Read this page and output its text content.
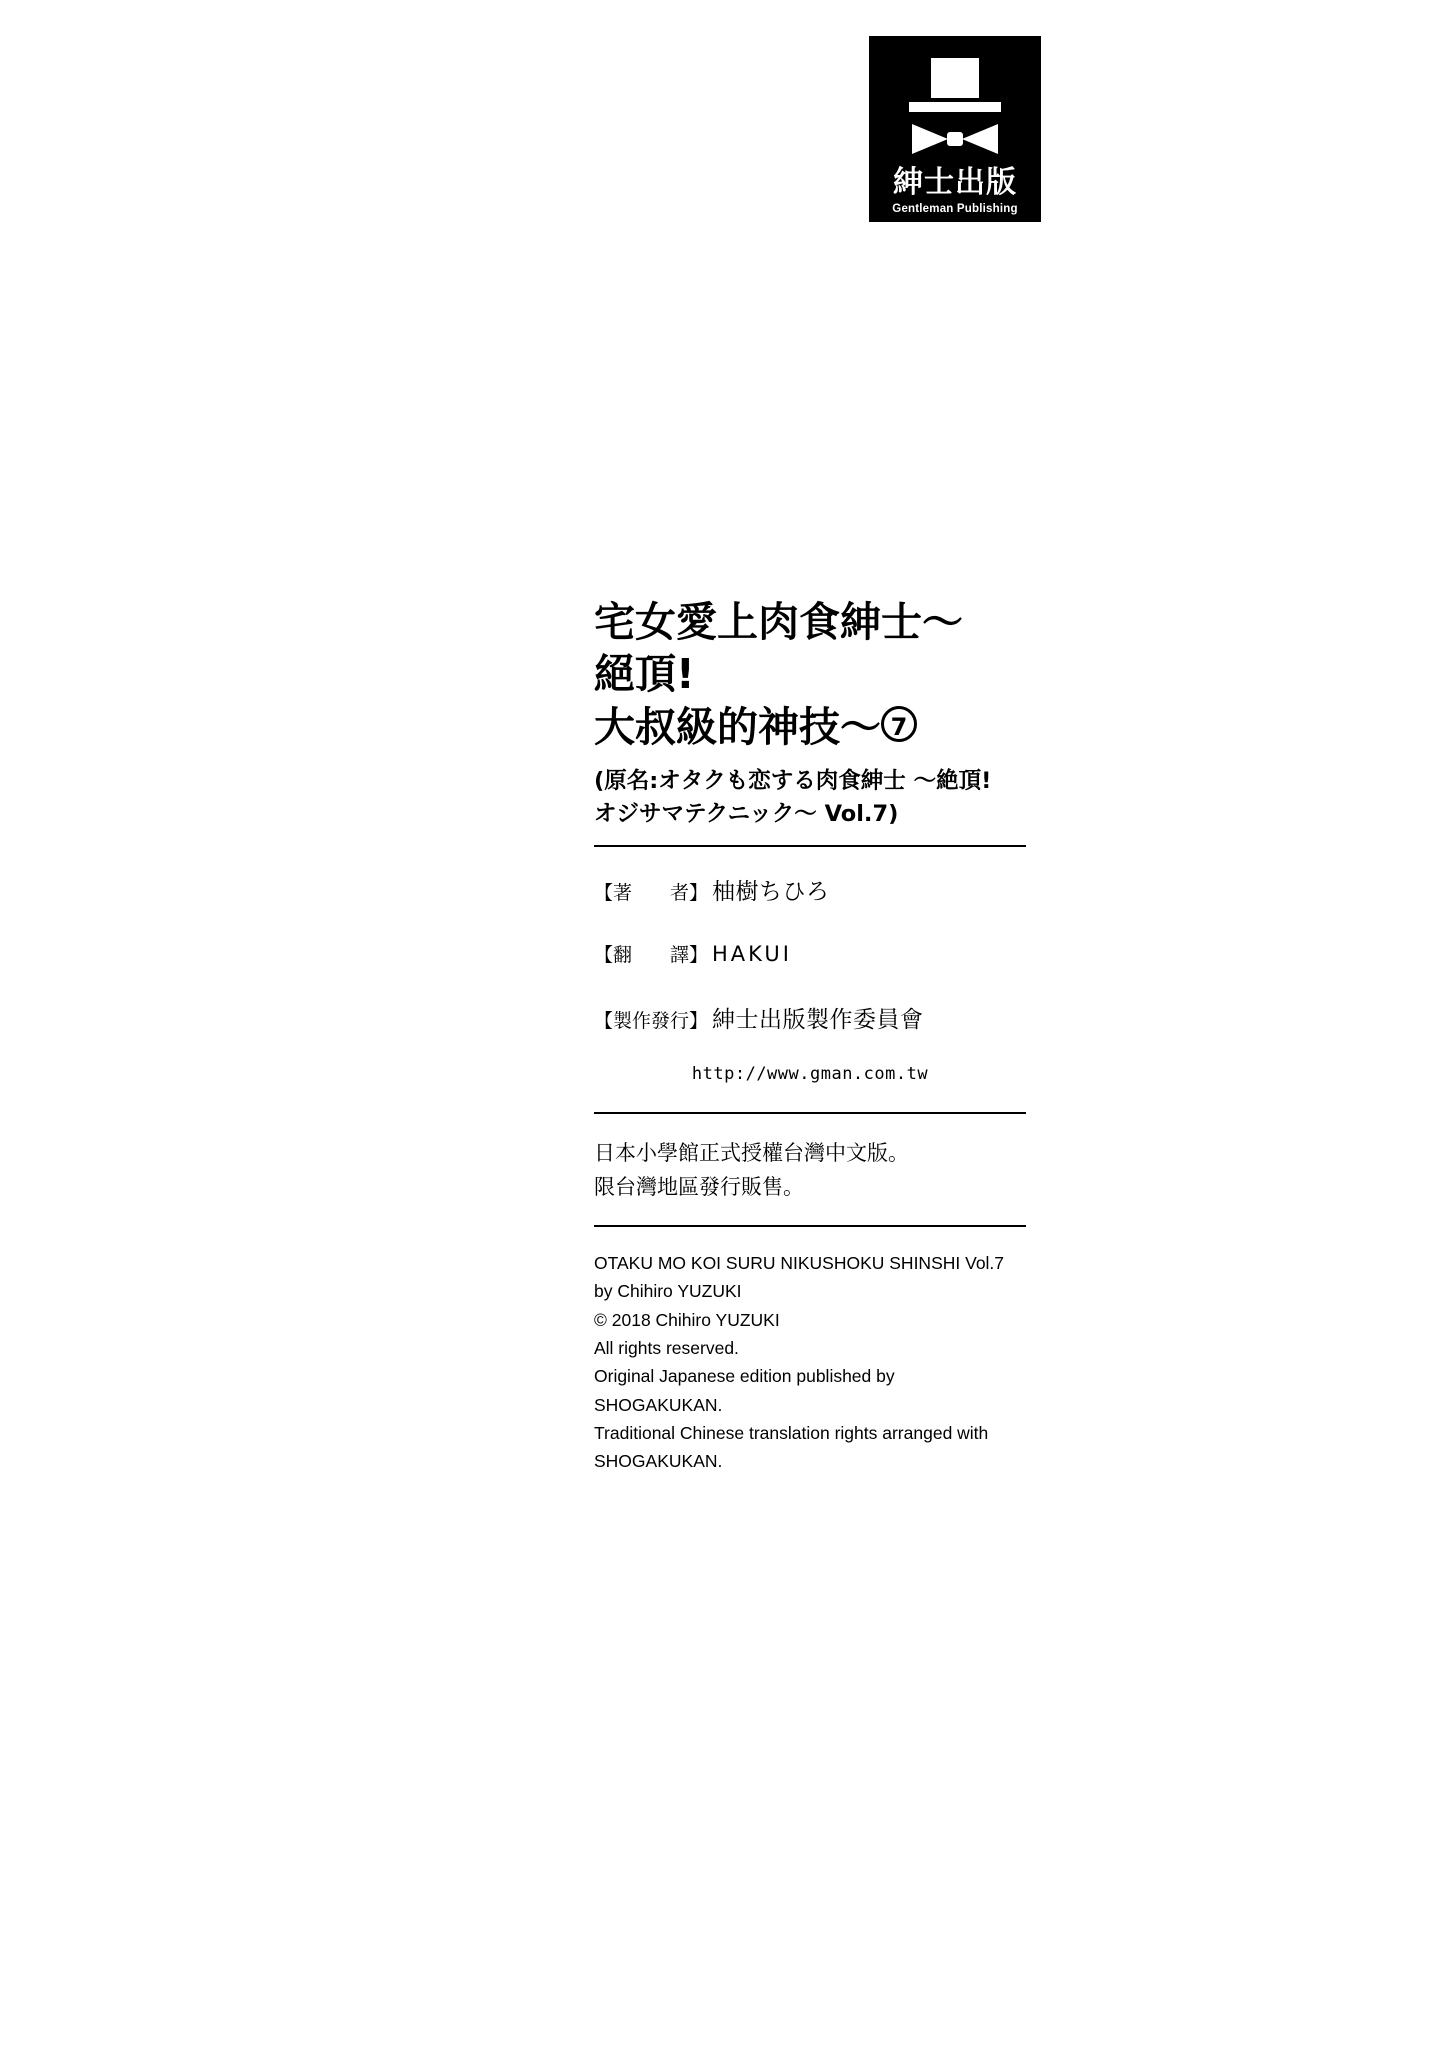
紳士出版
Gentleman Publishing
宅女愛上肉食紳士～
絕頂!
大叔級的神技～ 7
(原名:オタクも恋する肉食紳士 ～絶頂!
オジサマテクニック～ Vol.7)
【著　　者】 柚樹ちひろ
【翻　　譯】 HAKUI
【製作發行】 紳士出版製作委員會
http://www.gman.com.tw
日本小學館正式授權台灣中文版。
限台灣地區發行販售。
OTAKU MO KOI SURU NIKUSHOKU SHINSHI Vol.7
by Chihiro YUZUKI
© 2018 Chihiro YUZUKI
All rights reserved.
Original Japanese edition published by
SHOGAKUKAN.
Traditional Chinese translation rights arranged with
SHOGAKUKAN.
